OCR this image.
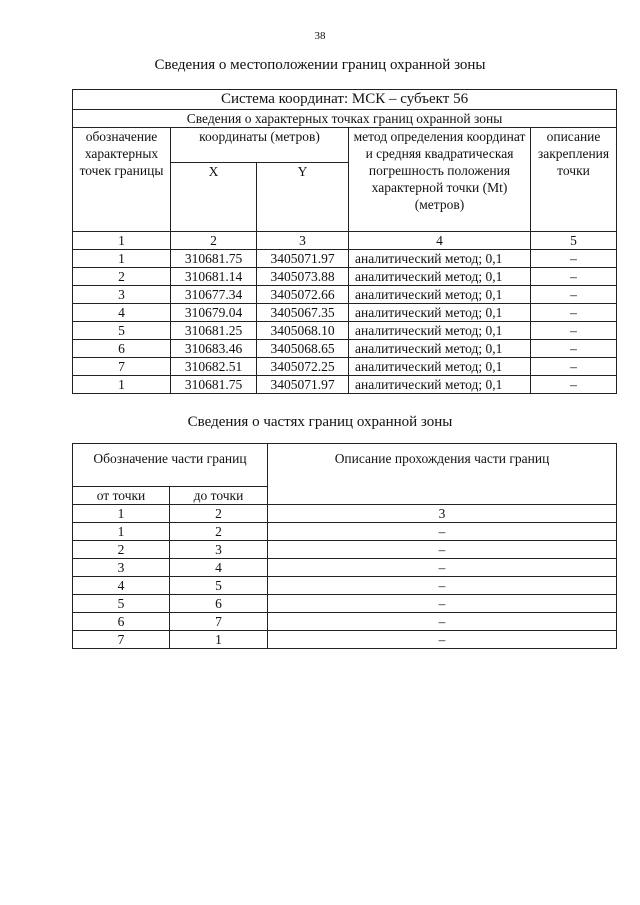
38
Сведения о местоположении границ охранной зоны
Система координат: МСК – субъект 56				
Сведения о характерных точках границ охранной зоны				
обозначение характерных точек границы	координаты (метров)		метод определения координат и средняя квадратическая погрешность положения характерной точки (Mt) (метров)	описание закрепления точки
	X	Y		
1	2	3	4	5
1	310681.75	3405071.97	аналитический метод; 0,1	–
2	310681.14	3405073.88	аналитический метод; 0,1	–
3	310677.34	3405072.66	аналитический метод; 0,1	–
4	310679.04	3405067.35	аналитический метод; 0,1	–
5	310681.25	3405068.10	аналитический метод; 0,1	–
6	310683.46	3405068.65	аналитический метод; 0,1	–
7	310682.51	3405072.25	аналитический метод; 0,1	–
1	310681.75	3405071.97	аналитический метод; 0,1	–
Сведения о частях границ охранной зоны
Обозначение части границ		Описание прохождения части границ
от точки	до точки	
1	2	3
1	2	–
2	3	–
3	4	–
4	5	–
5	6	–
6	7	–
7	1	–
